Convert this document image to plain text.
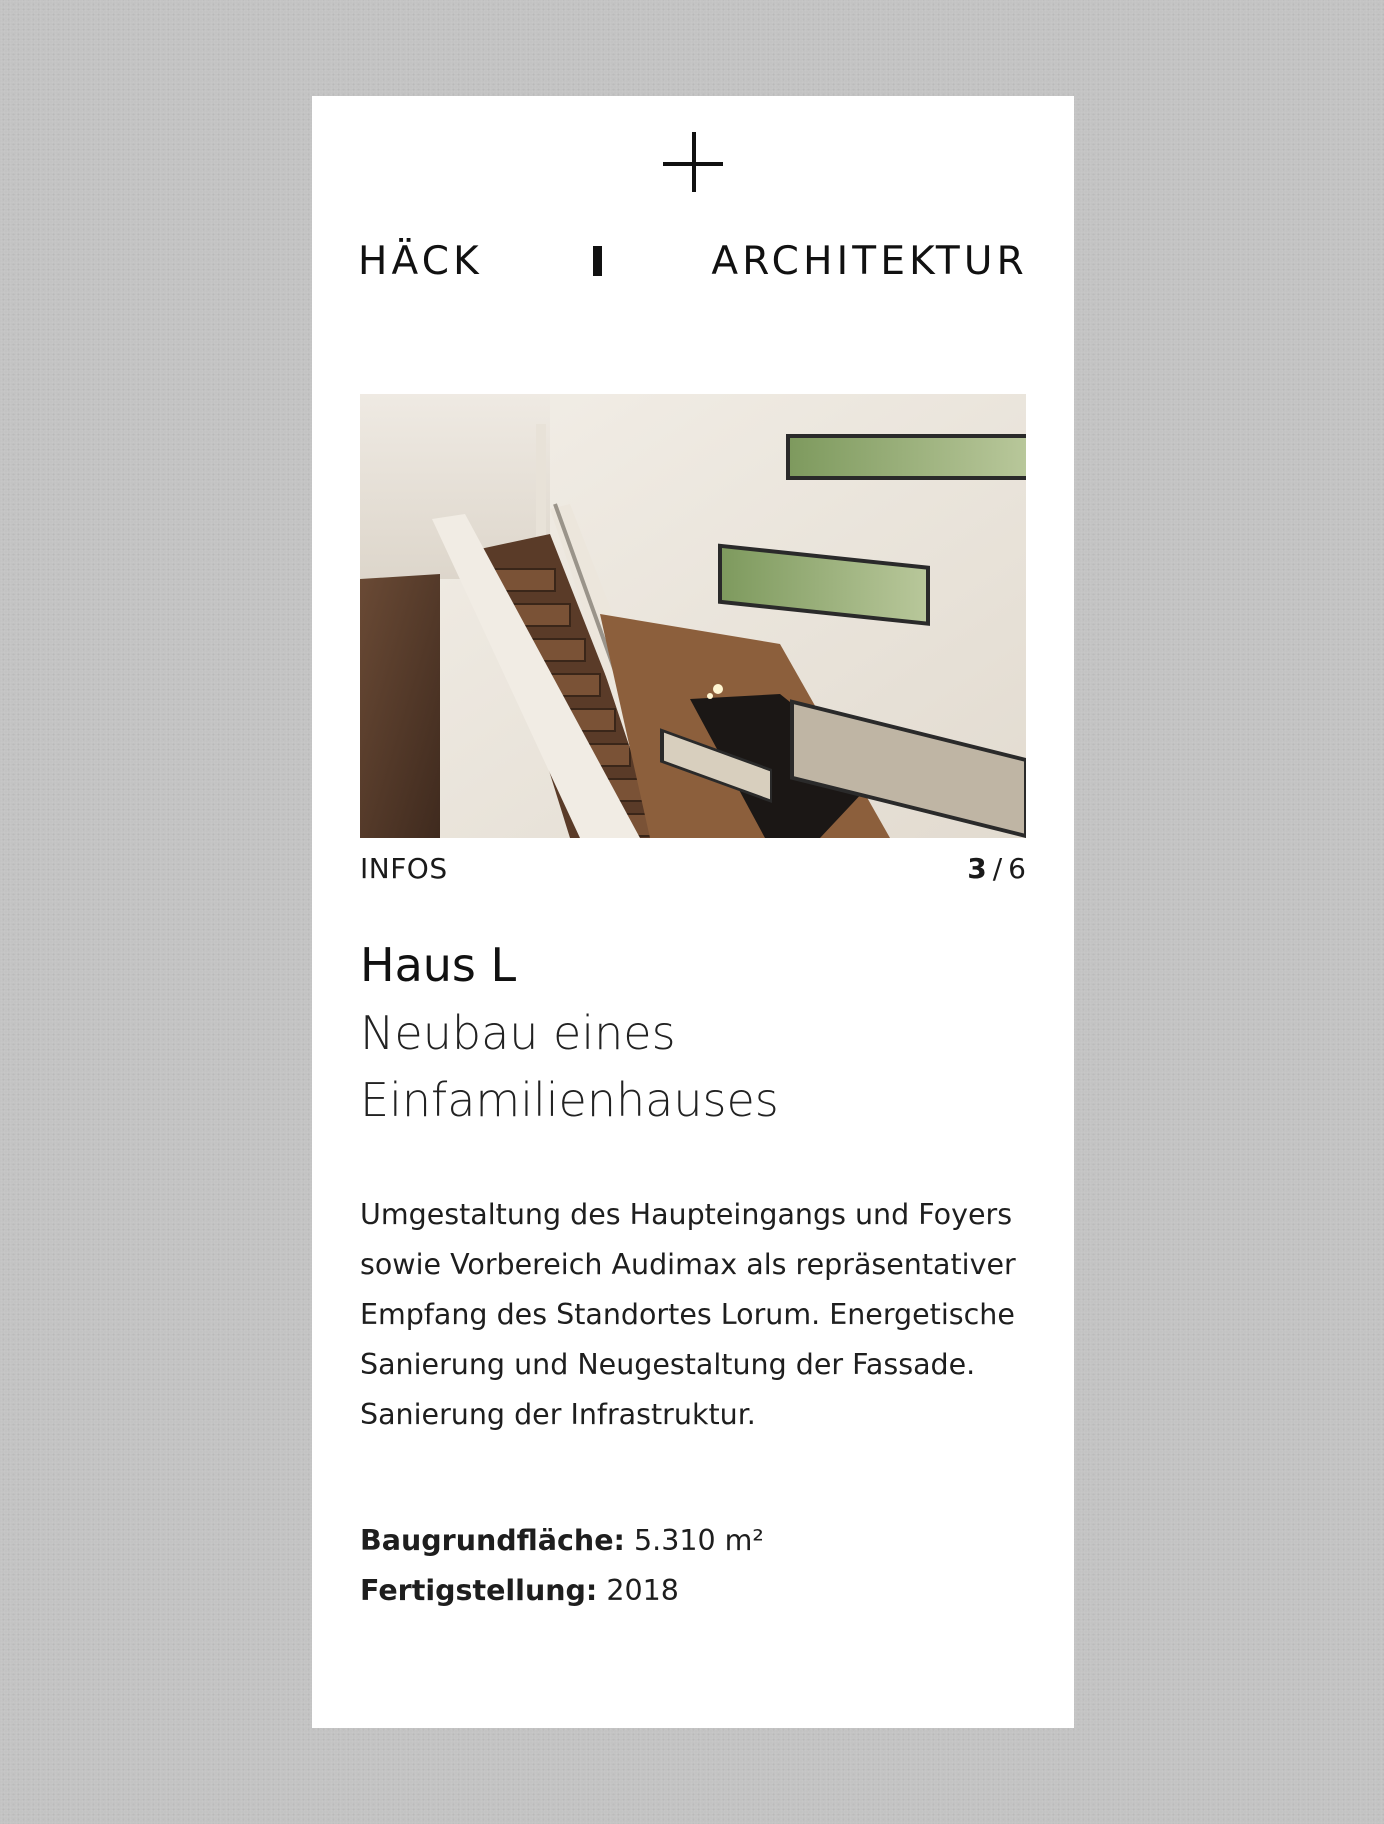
HÄCK	ARCHITEKTUR
INFOS	3 / 6
Haus L
Neubau eines
Einfamilienhauses
Umgestaltung des Haupteingangs und Foyers sowie Vorbereich Audimax als repräsentativer Empfang des Standortes Lorum. Energetische Sanierung und Neugestaltung der Fassade. Sanierung der Infrastruktur.
Baugrundfläche: 5.310 m²
Fertigstellung: 2018
